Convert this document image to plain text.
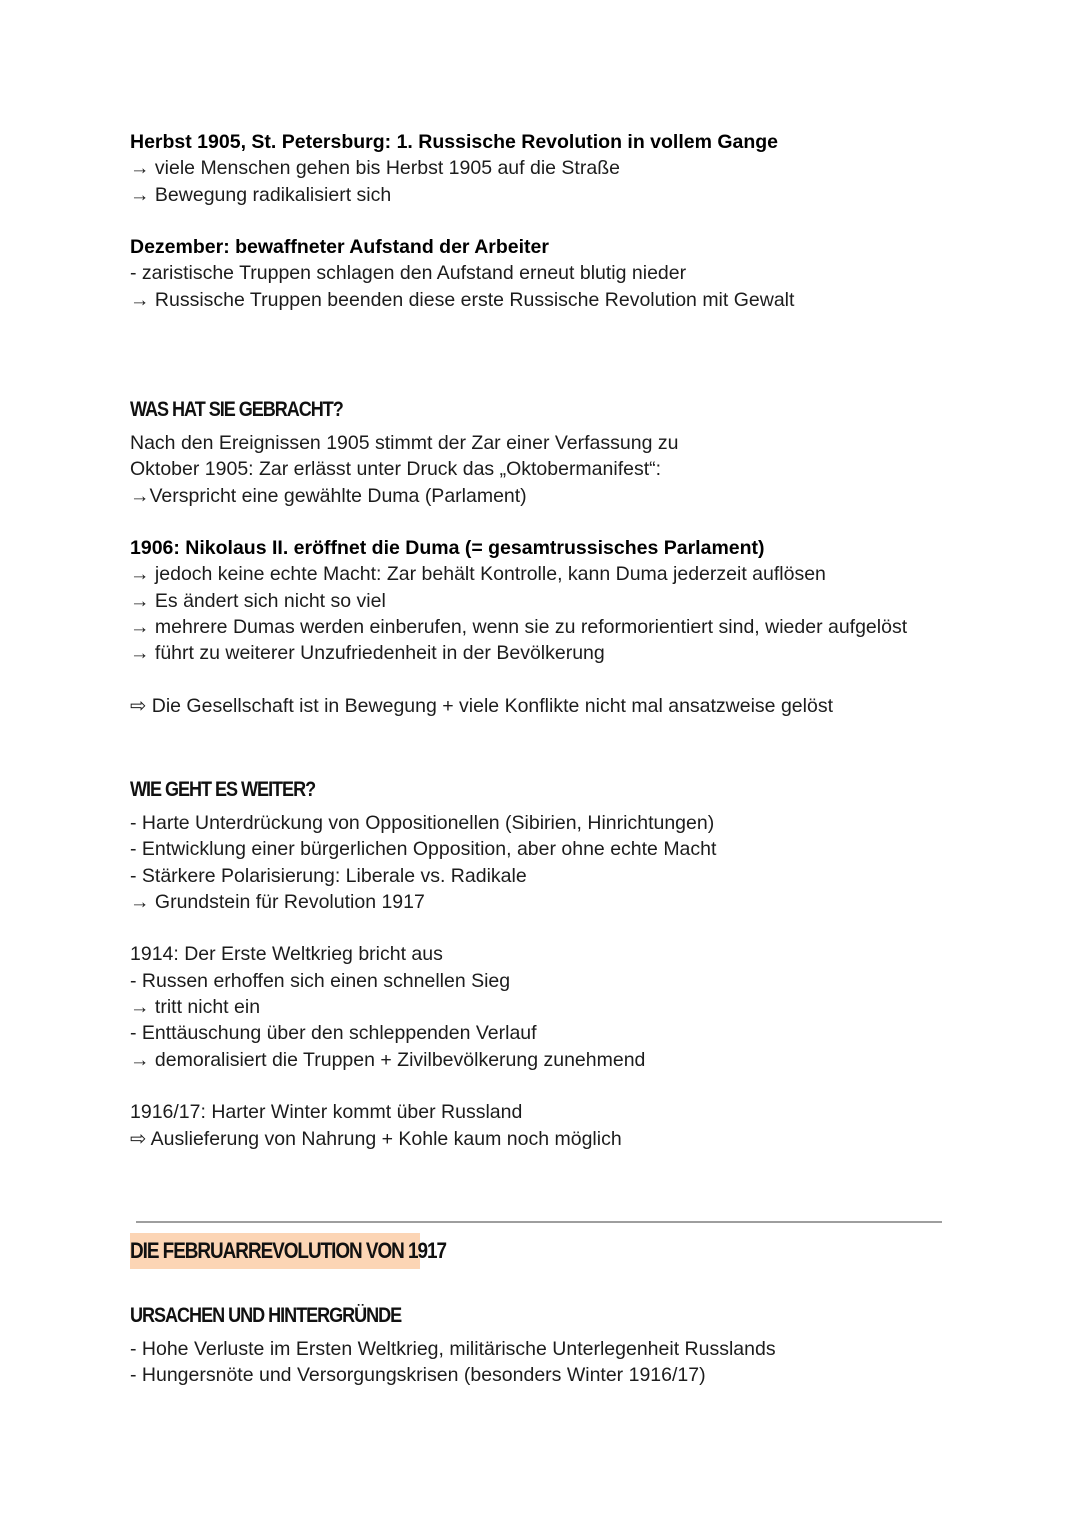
Herbst 1905, St. Petersburg: 1. Russische Revolution in vollem Gange
→ viele Menschen gehen bis Herbst 1905 auf die Straße
→ Bewegung radikalisiert sich
Dezember: bewaffneter Aufstand der Arbeiter
- zaristische Truppen schlagen den Aufstand erneut blutig nieder
→ Russische Truppen beenden diese erste Russische Revolution mit Gewalt
WAS HAT SIE GEBRACHT?
Nach den Ereignissen 1905 stimmt der Zar einer Verfassung zu
Oktober 1905: Zar erlässt unter Druck das „Oktobermanifest“:
→Verspricht eine gewählte Duma (Parlament)
1906: Nikolaus II. eröffnet die Duma (= gesamtrussisches Parlament)
→ jedoch keine echte Macht: Zar behält Kontrolle, kann Duma jederzeit auflösen
→ Es ändert sich nicht so viel
→ mehrere Dumas werden einberufen, wenn sie zu reformorientiert sind, wieder aufgelöst
→ führt zu weiterer Unzufriedenheit in der Bevölkerung
⇨ Die Gesellschaft ist in Bewegung + viele Konflikte nicht mal ansatzweise gelöst
WIE GEHT ES WEITER?
- Harte Unterdrückung von Oppositionellen (Sibirien, Hinrichtungen)
- Entwicklung einer bürgerlichen Opposition, aber ohne echte Macht
- Stärkere Polarisierung: Liberale vs. Radikale
→ Grundstein für Revolution 1917
1914: Der Erste Weltkrieg bricht aus
- Russen erhoffen sich einen schnellen Sieg
→ tritt nicht ein
- Enttäuschung über den schleppenden Verlauf
→ demoralisiert die Truppen + Zivilbevölkerung zunehmend
1916/17: Harter Winter kommt über Russland
⇨ Auslieferung von Nahrung + Kohle kaum noch möglich
DIE FEBRUARREVOLUTION VON 1917
URSACHEN UND HINTERGRÜNDE
- Hohe Verluste im Ersten Weltkrieg, militärische Unterlegenheit Russlands
- Hungersnöte und Versorgungskrisen (besonders Winter 1916/17)
